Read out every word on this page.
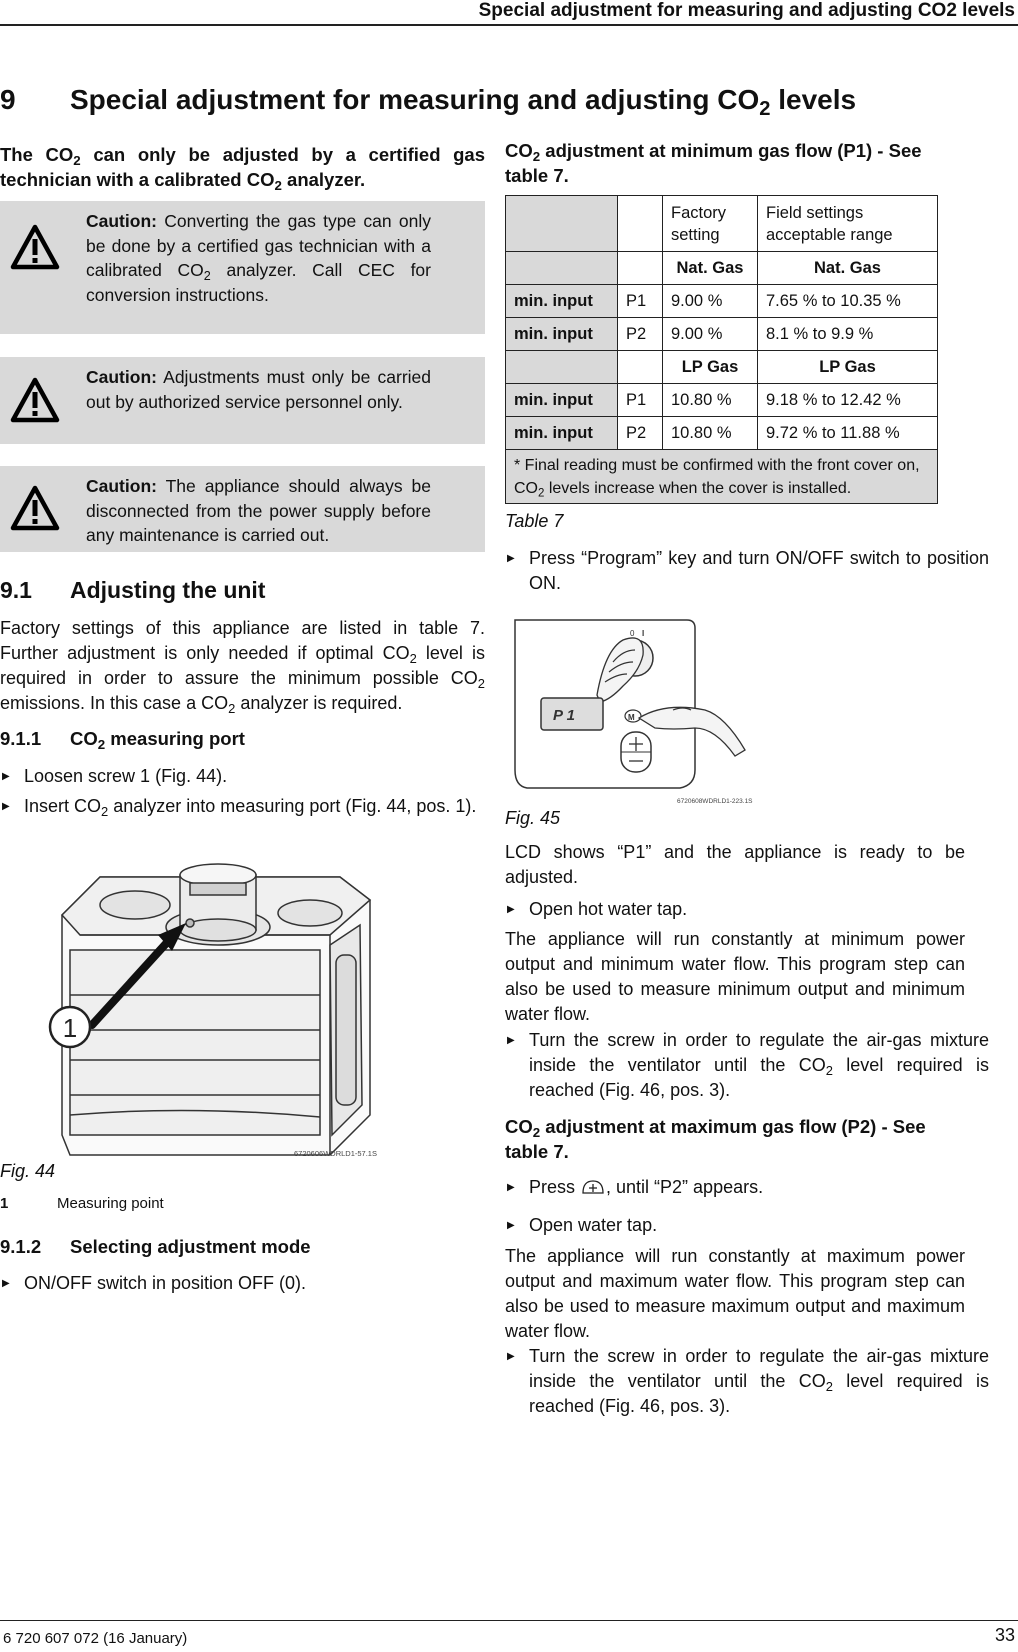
Special adjustment for measuring and adjusting CO2 levels
9 Special adjustment for measuring and adjusting $CO_2$ levels
The $CO_2$ can only be adjusted by a certified gas technician with a calibrated $CO_2$ analyzer.
Caution: Converting the gas type can only be done by a certified gas technician with a calibrated $CO_2$ analyzer. Call CEC for conversion instructions.
Caution: Adjustments must only be carried out by authorized service personnel only.
Caution: The appliance should always be disconnected from the power supply before any maintenance is carried out.
9.1 Adjusting the unit
Factory settings of this appliance are listed in table 7. Further adjustment is only needed if optimal $CO_2$ level is required in order to assure the minimum possible $CO_2$ emissions. In this case a $CO_2$ analyzer is required.
9.1.1 $CO_2$ measuring port
▶ Loosen screw 1 (Fig. 44).
▶ Insert $CO_2$ analyzer into measuring port (Fig. 44, pos. 1).
1
6720606WDRLD1-57.1S
Fig. 44
1	Measuring point
9.1.2 Selecting adjustment mode
▶ ON/OFF switch in position OFF (0).
$CO_2$ adjustment at minimum gas flow (P1) - See table 7.
		Factory setting	Field settings acceptable range
		Nat. Gas	Nat. Gas
min. input	P1	9.00 %	7.65 % to 10.35 %
min. input	P2	9.00 %	8.1 % to 9.9 %
		LP Gas	LP Gas
min. input	P1	10.80 %	9.18 % to 12.42 %
min. input	P2	10.80 %	9.72 % to 11.88 %
* Final reading must be confirmed with the front cover on, $CO_2$ levels increase when the cover is installed.			
Table 7
▶ Press “Program” key and turn ON/OFF switch to position ON.
0 I
P 1	M
6720608WDRLD1-223.1S
Fig. 45
LCD shows “P1” and the appliance is ready to be adjusted.
▶ Open hot water tap.
The appliance will run constantly at minimum power output and minimum water flow. This program step can also be used to measure minimum output and minimum water flow.
▶ Turn the screw in order to regulate the air-gas mixture inside the ventilator until the $CO_2$ level required is reached (Fig. 46, pos. 3).
$CO_2$ adjustment at maximum gas flow (P2) - See table 7.
▶ Press , until “P2” appears.
▶ Open water tap.
The appliance will run constantly at maximum power output and maximum water flow. This program step can also be used to measure maximum output and maximum water flow.
▶ Turn the screw in order to regulate the air-gas mixture inside the ventilator until the $CO_2$ level required is reached (Fig. 46, pos. 3).
6 720 607 072 (16 January)	33
